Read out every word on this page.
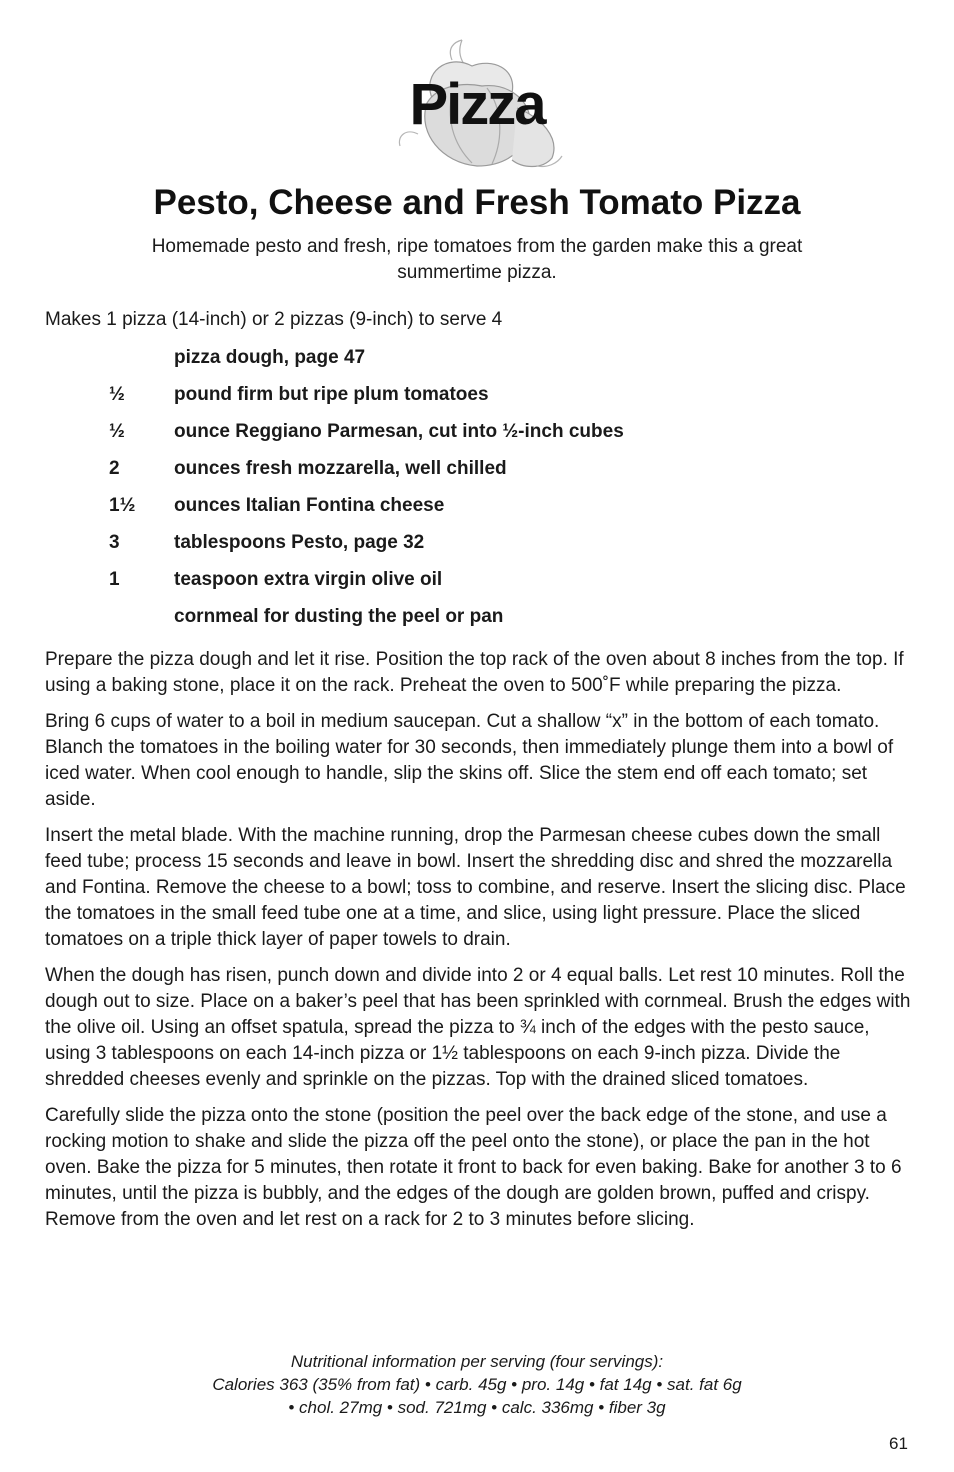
Pizza
Pesto, Cheese and Fresh Tomato Pizza
Homemade pesto and fresh, ripe tomatoes from the garden make this a great summertime pizza.
Makes 1 pizza (14-inch) or 2 pizzas (9-inch) to serve 4
pizza dough, page 47
½	pound firm but ripe plum tomatoes
½	ounce Reggiano Parmesan, cut into ½-inch cubes
2	ounces fresh mozzarella, well chilled
1½ ounces Italian Fontina cheese
3	tablespoons Pesto, page 32
1	teaspoon extra virgin olive oil
cornmeal for dusting the peel or pan

Prepare the pizza dough and let it rise. Position the top rack of the oven about 8 inches from the top. If using a baking stone, place it on the rack. Preheat the oven to 500˚F while preparing the pizza.

Bring 6 cups of water to a boil in medium saucepan. Cut a shallow “x” in the bottom of each tomato. Blanch the tomatoes in the boiling water for 30 seconds, then immediately plunge them into a bowl of iced water. When cool enough to handle, slip the skins off. Slice the stem end off each tomato; set aside.

Insert the metal blade. With the machine running, drop the Parmesan cheese cubes down the small feed tube; process 15 seconds and leave in bowl. Insert the shredding disc and shred the mozzarella and Fontina. Remove the cheese to a bowl; toss to combine, and reserve. Insert the slicing disc. Place the tomatoes in the small feed tube one at a time, and slice, using light pressure. Place the sliced tomatoes on a triple thick layer of paper towels to drain.

When the dough has risen, punch down and divide into 2 or 4 equal balls. Let rest 10 minutes. Roll the dough out to size. Place on a baker’s peel that has been sprinkled with cornmeal. Brush the edges with the olive oil. Using an offset spatula, spread the pizza to ¾ inch of the edges with the pesto sauce, using 3 tablespoons on each 14-inch pizza or 1½ tablespoons on each 9-inch pizza. Divide the shredded cheeses evenly and sprinkle on the pizzas. Top with the drained sliced tomatoes.

Carefully slide the pizza onto the stone (position the peel over the back edge of the stone, and use a rocking motion to shake and slide the pizza off the peel onto the stone), or place the pan in the hot oven. Bake the pizza for 5 minutes, then rotate it front to back for even baking. Bake for another 3 to 6 minutes, until the pizza is bubbly, and the edges of the dough are golden brown, puffed and crispy. Remove from the oven and let rest on a rack for 2 to 3 minutes before slicing.

Nutritional information per serving (four servings):
Calories 363 (35% from fat) • carb. 45g • pro. 14g • fat 14g • sat. fat 6g
• chol. 27mg • sod. 721mg • calc. 336mg • fiber 3g
61
